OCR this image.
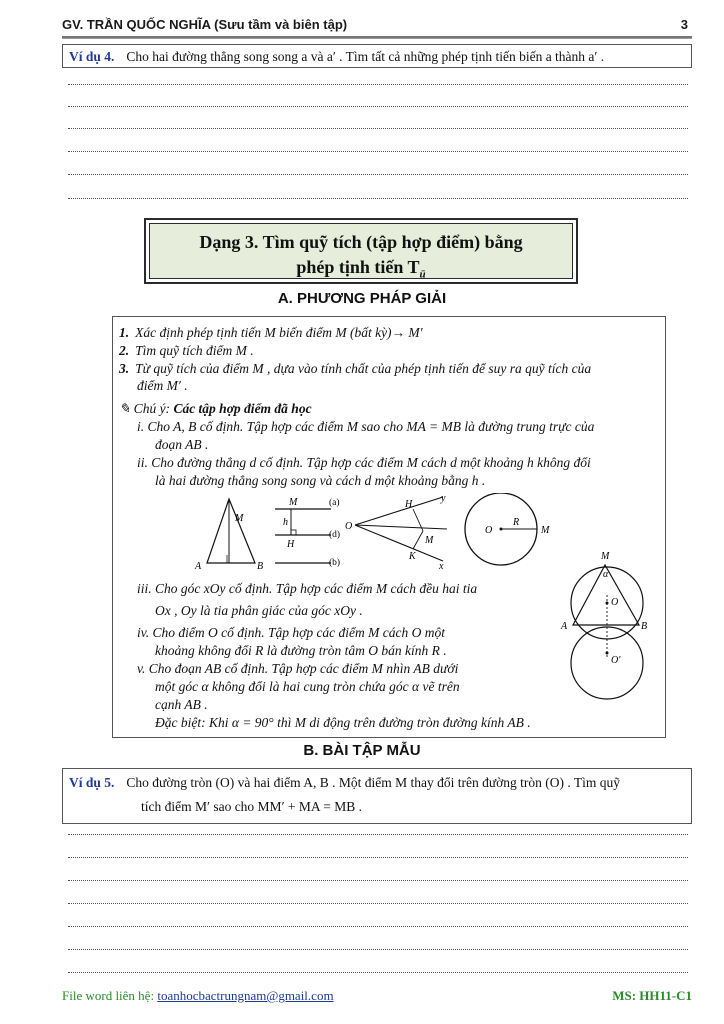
GV. TRẦN QUỐC NGHĨA (Sưu tầm và biên tập)	3
Ví dụ 4. Cho hai đường thẳng song song a và a′ . Tìm tất cả những phép tịnh tiến biến a thành a′ .
Dạng 3. Tìm quỹ tích (tập hợp điểm) bằng
phép tịnh tiến $T_ū$
A. PHƯƠNG PHÁP GIẢI
1. Xác định phép tịnh tiến M biến điểm M (bất kỳ)→ M′
2. Tìm quỹ tích điểm M .
3. Từ quỹ tích của điểm M , dựa vào tính chất của phép tịnh tiến để suy ra quỹ tích của
điểm M′ .
✎ Chú ý: Các tập hợp điểm đã học
i. Cho A, B cố định. Tập hợp các điểm M sao cho MA = MB là đường trung trực của
đoạn AB .
ii. Cho đường thẳng d cố định. Tập hợp các điểm M cách d một khoảng h không đổi
là hai đường thẳng song song và cách d một khoảng bằng h .
M
A	B
M
h
H
(a)
(d)
(b)
H
y
O
M
K
x
O
R
M
iii. Cho góc xOy cố định. Tập hợp các điểm M cách đều hai tia
Ox , Oy là tia phân giác của góc xOy .
iv. Cho điểm O cố định. Tập hợp các điểm M cách O một
khoảng không đổi R là đường tròn tâm O bán kính R .
v. Cho đoạn AB cố định. Tập hợp các điểm M nhìn AB dưới
một góc α không đổi là hai cung tròn chứa góc α vẽ trên
cạnh AB .
Đặc biệt: Khi α = 90° thì M di động trên đường tròn đường kính AB .
M
α
O
A	B
O'
B. BÀI TẬP MẪU
Ví dụ 5. Cho đường tròn (O) và hai điểm A, B . Một điểm M thay đổi trên đường tròn (O) . Tìm quỹ
tích điểm M′ sao cho MM′ + MA = MB .
File word liên hệ: toanhocbactrungnam@gmail.com	MS: HH11-C1
